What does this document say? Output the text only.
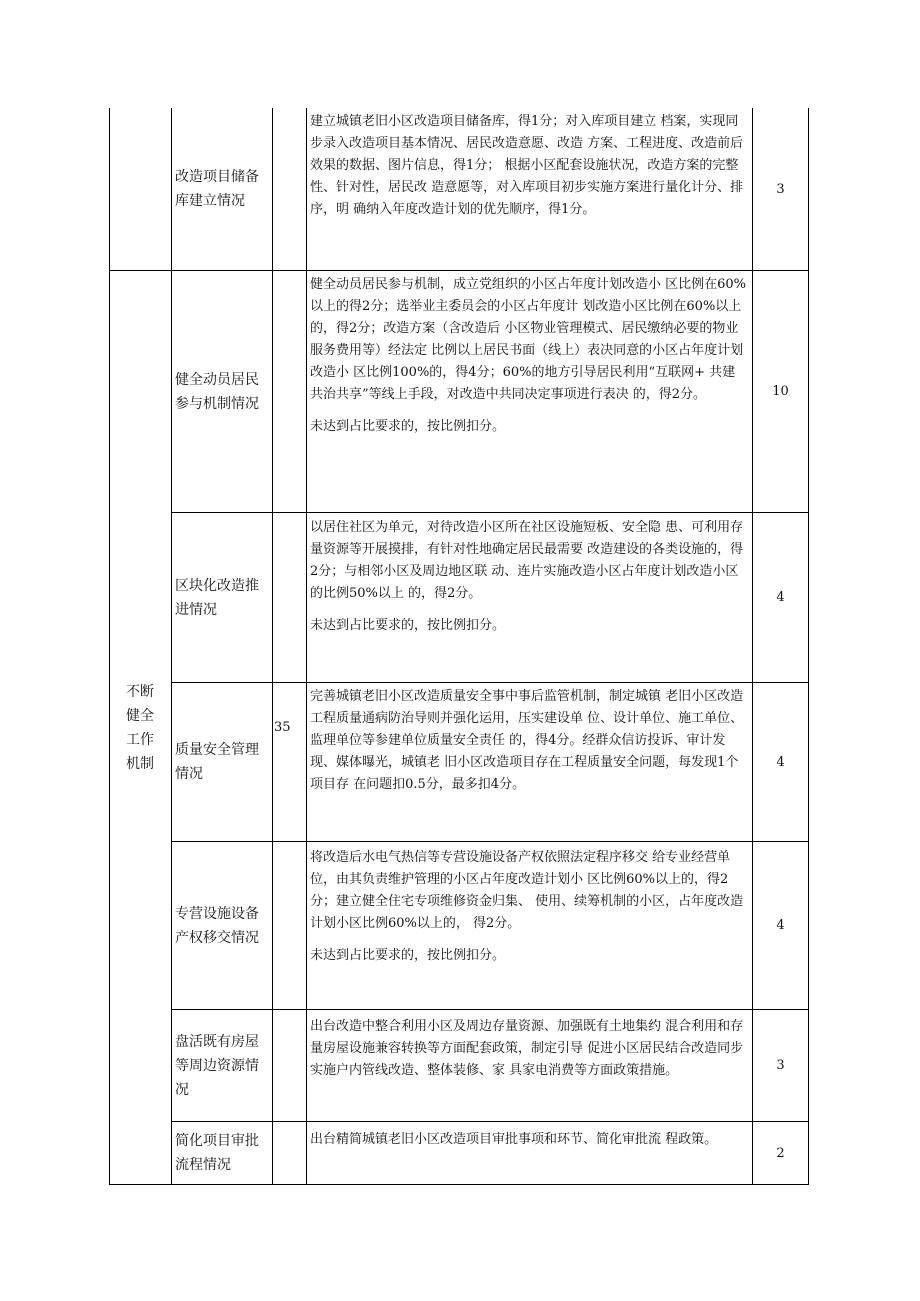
不断健全工作机制
35
改造项目储备库建立情况

建立城镇老旧小区改造项目储备库，得1分；对入库项目建立 档案，实现同步录入改造项目基本情况、居民改造意愿、改造 方案、工程进度、改造前后效果的数据、图片信息，得1分； 根据小区配套设施状况，改造方案的完整性、针对性，居民改 造意愿等，对入库项目初步实施方案进行量化计分、排序，明 确纳入年度改造计划的优先顺序，得1分。

3
健全动员居民参与机制情况

健全动员居民参与机制，成立党组织的小区占年度计划改造小 区比例在60%以上的得2分；选举业主委员会的小区占年度计 划改造小区比例在60%以上的，得2分；改造方案（含改造后 小区物业管理模式、居民缴纳必要的物业服务费用等）经法定 比例以上居民书面（线上）表决同意的小区占年度计划改造小 区比例100%的，得4分；60%的地方引导居民利用“互联网+ 共建共治共享”等线上手段，对改造中共同决定事项进行表决 的，得2分。

未达到占比要求的，按比例扣分。

10
区块化改造推进情况

以居住社区为单元，对待改造小区所在社区设施短板、安全隐 患、可利用存量资源等开展摸排，有针对性地确定居民最需要 改造建设的各类设施的，得2分；与相邻小区及周边地区联 动、连片实施改造小区占年度计划改造小区的比例50%以上 的，得2分。

未达到占比要求的，按比例扣分。

4
质量安全管理情况

完善城镇老旧小区改造质量安全事中事后监管机制，制定城镇 老旧小区改造工程质量通病防治导则并强化运用，压实建设单 位、设计单位、施工单位、监理单位等参建单位质量安全责任 的，得4分。经群众信访投诉、审计发现、媒体曝光，城镇老 旧小区改造项目存在工程质量安全问题，每发现1个项目存 在问题扣0.5分，最多扣4分。

4
专营设施设备产权移交情况

将改造后水电气热信等专营设施设备产权依照法定程序移交 给专业经营单位，由其负责维护管理的小区占年度改造计划小 区比例60%以上的，得2分；建立健全住宅专项维修资金归集、 使用、续筹机制的小区，占年度改造计划小区比例60%以上的， 得2分。

未达到占比要求的，按比例扣分。

4
盘活既有房屋等周边资源情况

出台改造中整合利用小区及周边存量资源、加强既有土地集约 混合利用和存量房屋设施兼容转换等方面配套政策，制定引导 促进小区居民结合改造同步实施户内管线改造、整体装修、家 具家电消费等方面政策措施。	3
简化项目审批流程情况

出台精简城镇老旧小区改造项目审批事项和环节、简化审批流 程政策。

2
